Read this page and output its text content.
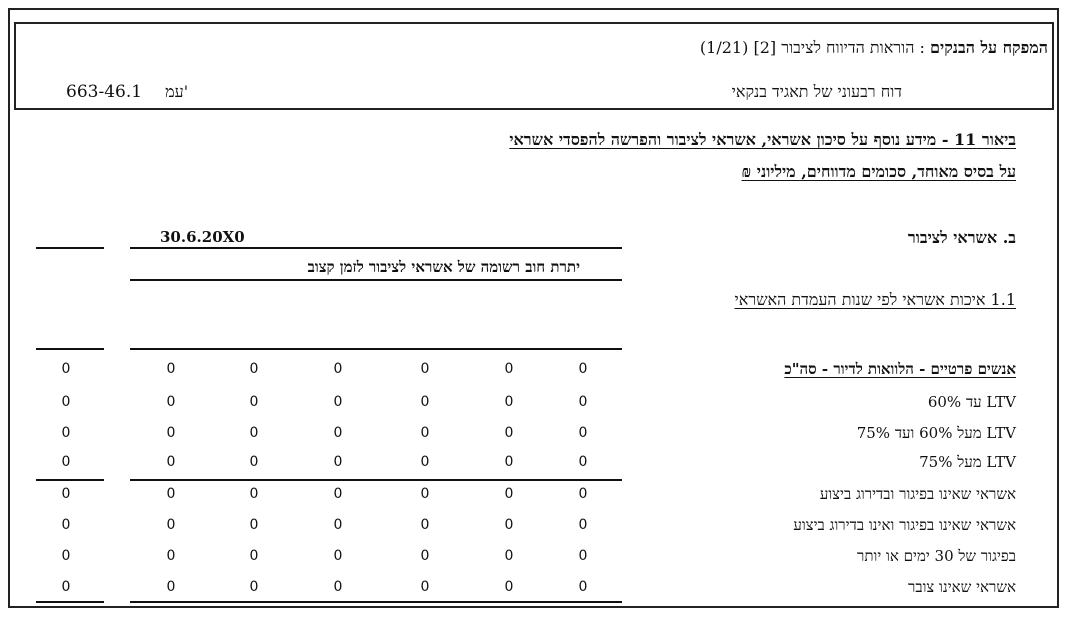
המפקח על הבנקים : הוראות הדיווח לציבור [2] (1/21)
דוח רבעוני של תאגיד בנקאי
663-46.1 עמ'
ביאור 11 - מידע נוסף על סיכון אשראי, אשראי לציבור והפרשה להפסדי אשראי
על בסיס מאוחד, סכומים מדווחים, מיליוני ₪
ב. אשראי לציבור
1.1 איכות אשראי לפי שנות העמדת האשראי
30.6.20X0
יתרת חוב רשומה של אשראי לציבור לזמן קצוב
אנשים פרטיים - הלוואות לדיור - סה"כ
0
0
0
0
0
0
0
LTV עד 60%
0
0
0
0
0
0
0
LTV מעל 60% ועד 75%
0
0
0
0
0
0
0
LTV מעל 75%
0
0
0
0
0
0
0
אשראי שאינו בפיגור ובדירוג ביצוע
0
0
0
0
0
0
0
אשראי שאינו בפיגור ואינו בדירוג ביצוע
0
0
0
0
0
0
0
בפיגור של 30 ימים או יותר
0
0
0
0
0
0
0
אשראי שאינו צובר
0
0
0
0
0
0
0
